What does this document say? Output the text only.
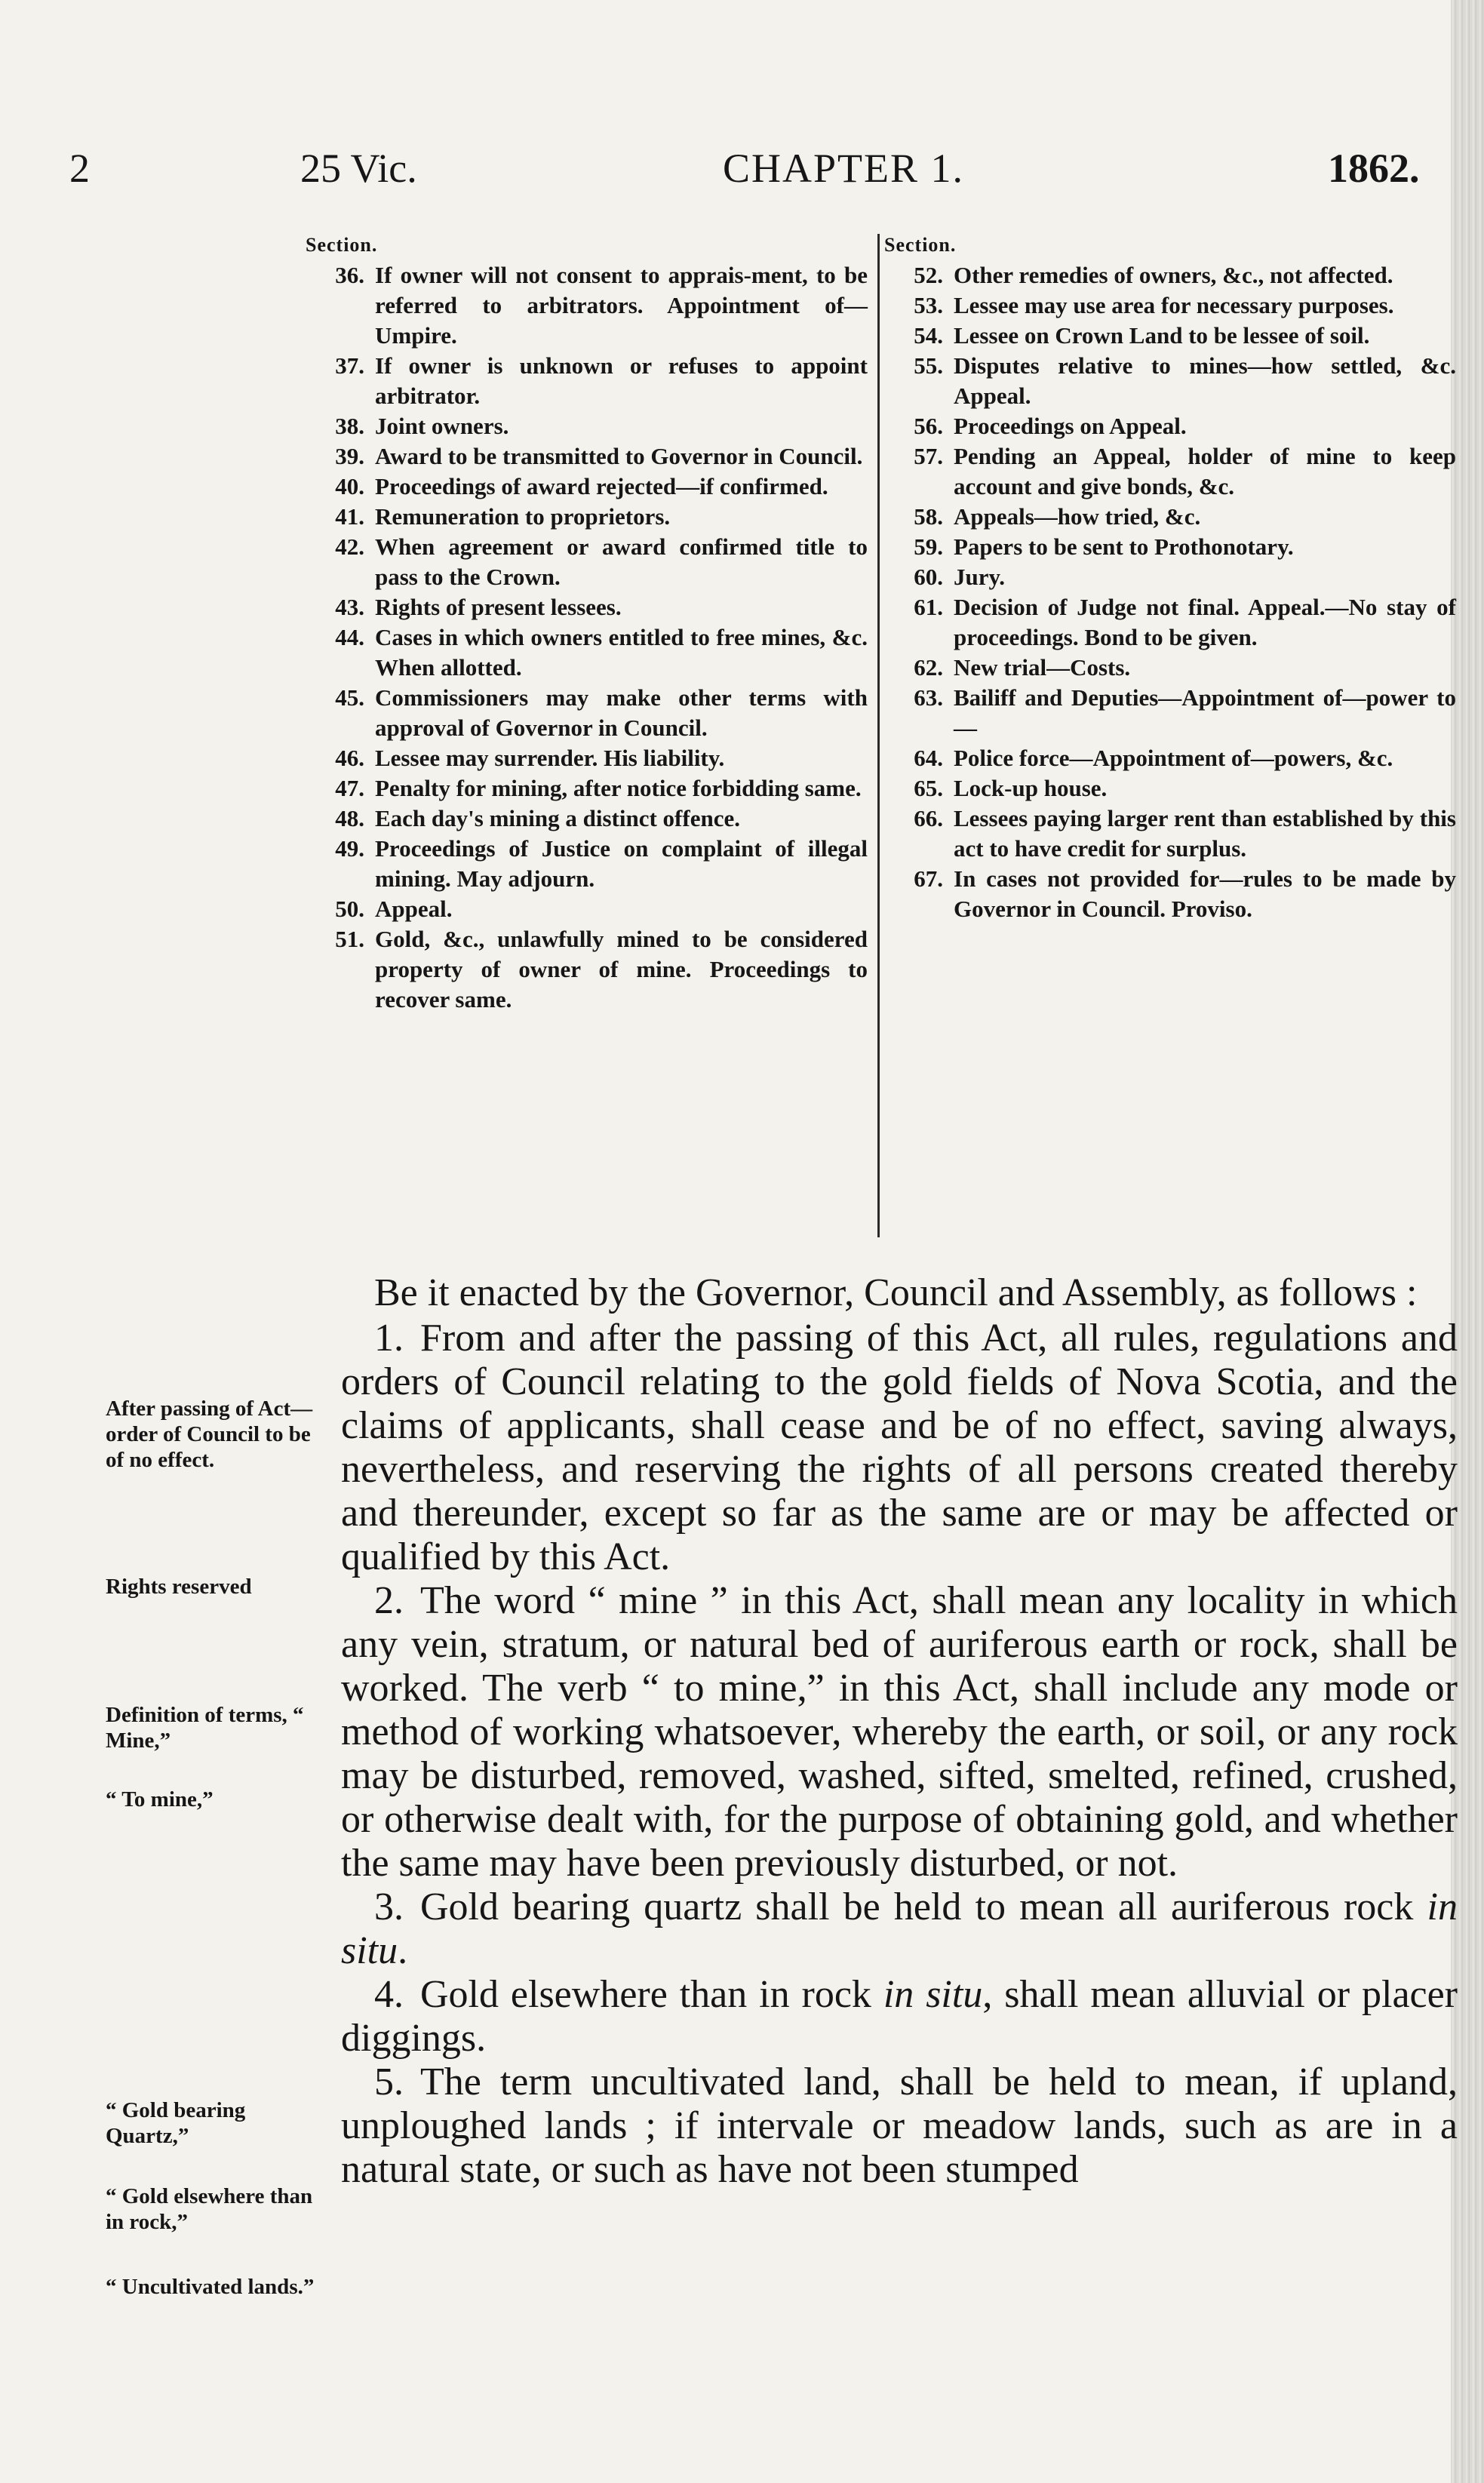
2	25 Vic.	CHAPTER 1.	1862.
Section.
36. If owner will not consent to apprais-ment, to be referred to arbitrators. Appointment of—Umpire.
37. If owner is unknown or refuses to appoint arbitrator.
38. Joint owners.
39. Award to be transmitted to Governor in Council.
40. Proceedings of award rejected—if confirmed.
41. Remuneration to proprietors.
42. When agreement or award confirmed title to pass to the Crown.
43. Rights of present lessees.
44. Cases in which owners entitled to free mines, &c. When allotted.
45. Commissioners may make other terms with approval of Governor in Council.
46. Lessee may surrender. His liability.
47. Penalty for mining, after notice forbidding same.
48. Each day's mining a distinct offence.
49. Proceedings of Justice on complaint of illegal mining. May adjourn.
50. Appeal.
51. Gold, &c., unlawfully mined to be considered property of owner of mine. Proceedings to recover same.
Section.
52. Other remedies of owners, &c., not affected.
53. Lessee may use area for necessary purposes.
54. Lessee on Crown Land to be lessee of soil.
55. Disputes relative to mines—how settled, &c. Appeal.
56. Proceedings on Appeal.
57. Pending an Appeal, holder of mine to keep account and give bonds, &c.
58. Appeals—how tried, &c.
59. Papers to be sent to Prothonotary.
60. Jury.
61. Decision of Judge not final. Appeal.—No stay of proceedings. Bond to be given.
62. New trial—Costs.
63. Bailiff and Deputies—Appointment of—power to—
64. Police force—Appointment of—powers, &c.
65. Lock-up house.
66. Lessees paying larger rent than established by this act to have credit for surplus.
67. In cases not provided for—rules to be made by Governor in Council. Proviso.

Be it enacted by the Governor, Council and Assembly, as follows :

1. From and after the passing of this Act, all rules, regulations and orders of Council relating to the gold fields of Nova Scotia, and the claims of applicants, shall cease and be of no effect, saving always, nevertheless, and reserving the rights of all persons created thereby and thereunder, except so far as the same are or may be affected or qualified by this Act.

2. The word “ mine ” in this Act, shall mean any locality in which any vein, stratum, or natural bed of auriferous earth or rock, shall be worked. The verb “ to mine,” in this Act, shall include any mode or method of working whatsoever, whereby the earth, or soil, or any rock may be disturbed, removed, washed, sifted, smelted, refined, crushed, or otherwise dealt with, for the purpose of obtaining gold, and whether the same may have been previously disturbed, or not.

3. Gold bearing quartz shall be held to mean all auriferous rock in situ.

4. Gold elsewhere than in rock in situ, shall mean alluvial or placer diggings.

5. The term uncultivated land, shall be held to mean, if upland, unploughed lands ; if intervale or meadow lands, such as are in a natural state, or such as have not been stumped

After passing of Act—order of Council to be of no effect.
Rights reserved
Definition of terms, “ Mine,”
“ To mine,”
“ Gold bearing Quartz,”
“ Gold elsewhere than in rock,”
“ Uncultivated lands.”
